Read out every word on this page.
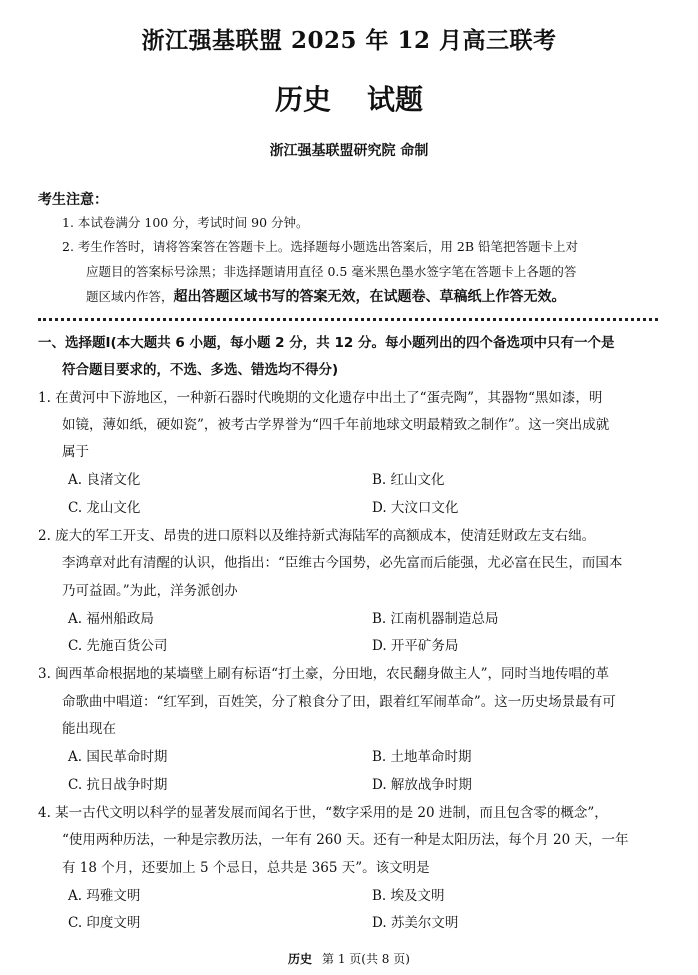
浙江强基联盟 2025 年 12 月高三联考
历史 试题
浙江强基联盟研究院 命制
考生注意：
1. 本试卷满分 100 分，考试时间 90 分钟。
2. 考生作答时，请将答案答在答题卡上。选择题每小题选出答案后，用 2B 铅笔把答题卡上对
应题目的答案标号涂黑；非选择题请用直径 0.5 毫米黑色墨水签字笔在答题卡上各题的答
题区域内作答，超出答题区域书写的答案无效，在试题卷、草稿纸上作答无效。
一、选择题Ⅰ(本大题共 6 小题，每小题 2 分，共 12 分。每小题列出的四个备选项中只有一个是
符合题目要求的，不选、多选、错选均不得分)
1. 在黄河中下游地区，一种新石器时代晚期的文化遗存中出土了“蛋壳陶”，其器物“黑如漆，明
如镜，薄如纸，硬如瓷”，被考古学界誉为“四千年前地球文明最精致之制作”。这一突出成就
属于
A. 良渚文化	B. 红山文化
C. 龙山文化	D. 大汶口文化
2. 庞大的军工开支、昂贵的进口原料以及维持新式海陆军的高额成本，使清廷财政左支右绌。
李鸿章对此有清醒的认识，他指出：“臣维古今国势，必先富而后能强，尤必富在民生，而国本
乃可益固。”为此，洋务派创办
A. 福州船政局	B. 江南机器制造总局
C. 先施百货公司	D. 开平矿务局
3. 闽西革命根据地的某墙壁上刷有标语“打土豪，分田地，农民翻身做主人”，同时当地传唱的革
命歌曲中唱道：“红军到，百姓笑，分了粮食分了田，跟着红军闹革命”。这一历史场景最有可
能出现在
A. 国民革命时期	B. 土地革命时期
C. 抗日战争时期	D. 解放战争时期
4. 某一古代文明以科学的显著发展而闻名于世，“数字采用的是 20 进制，而且包含零的概念”，
“使用两种历法，一种是宗教历法，一年有 260 天。还有一种是太阳历法，每个月 20 天，一年
有 18 个月，还要加上 5 个忌日，总共是 365 天”。该文明是
A. 玛雅文明	B. 埃及文明
C. 印度文明	D. 苏美尔文明
历史 第 1 页(共 8 页)
